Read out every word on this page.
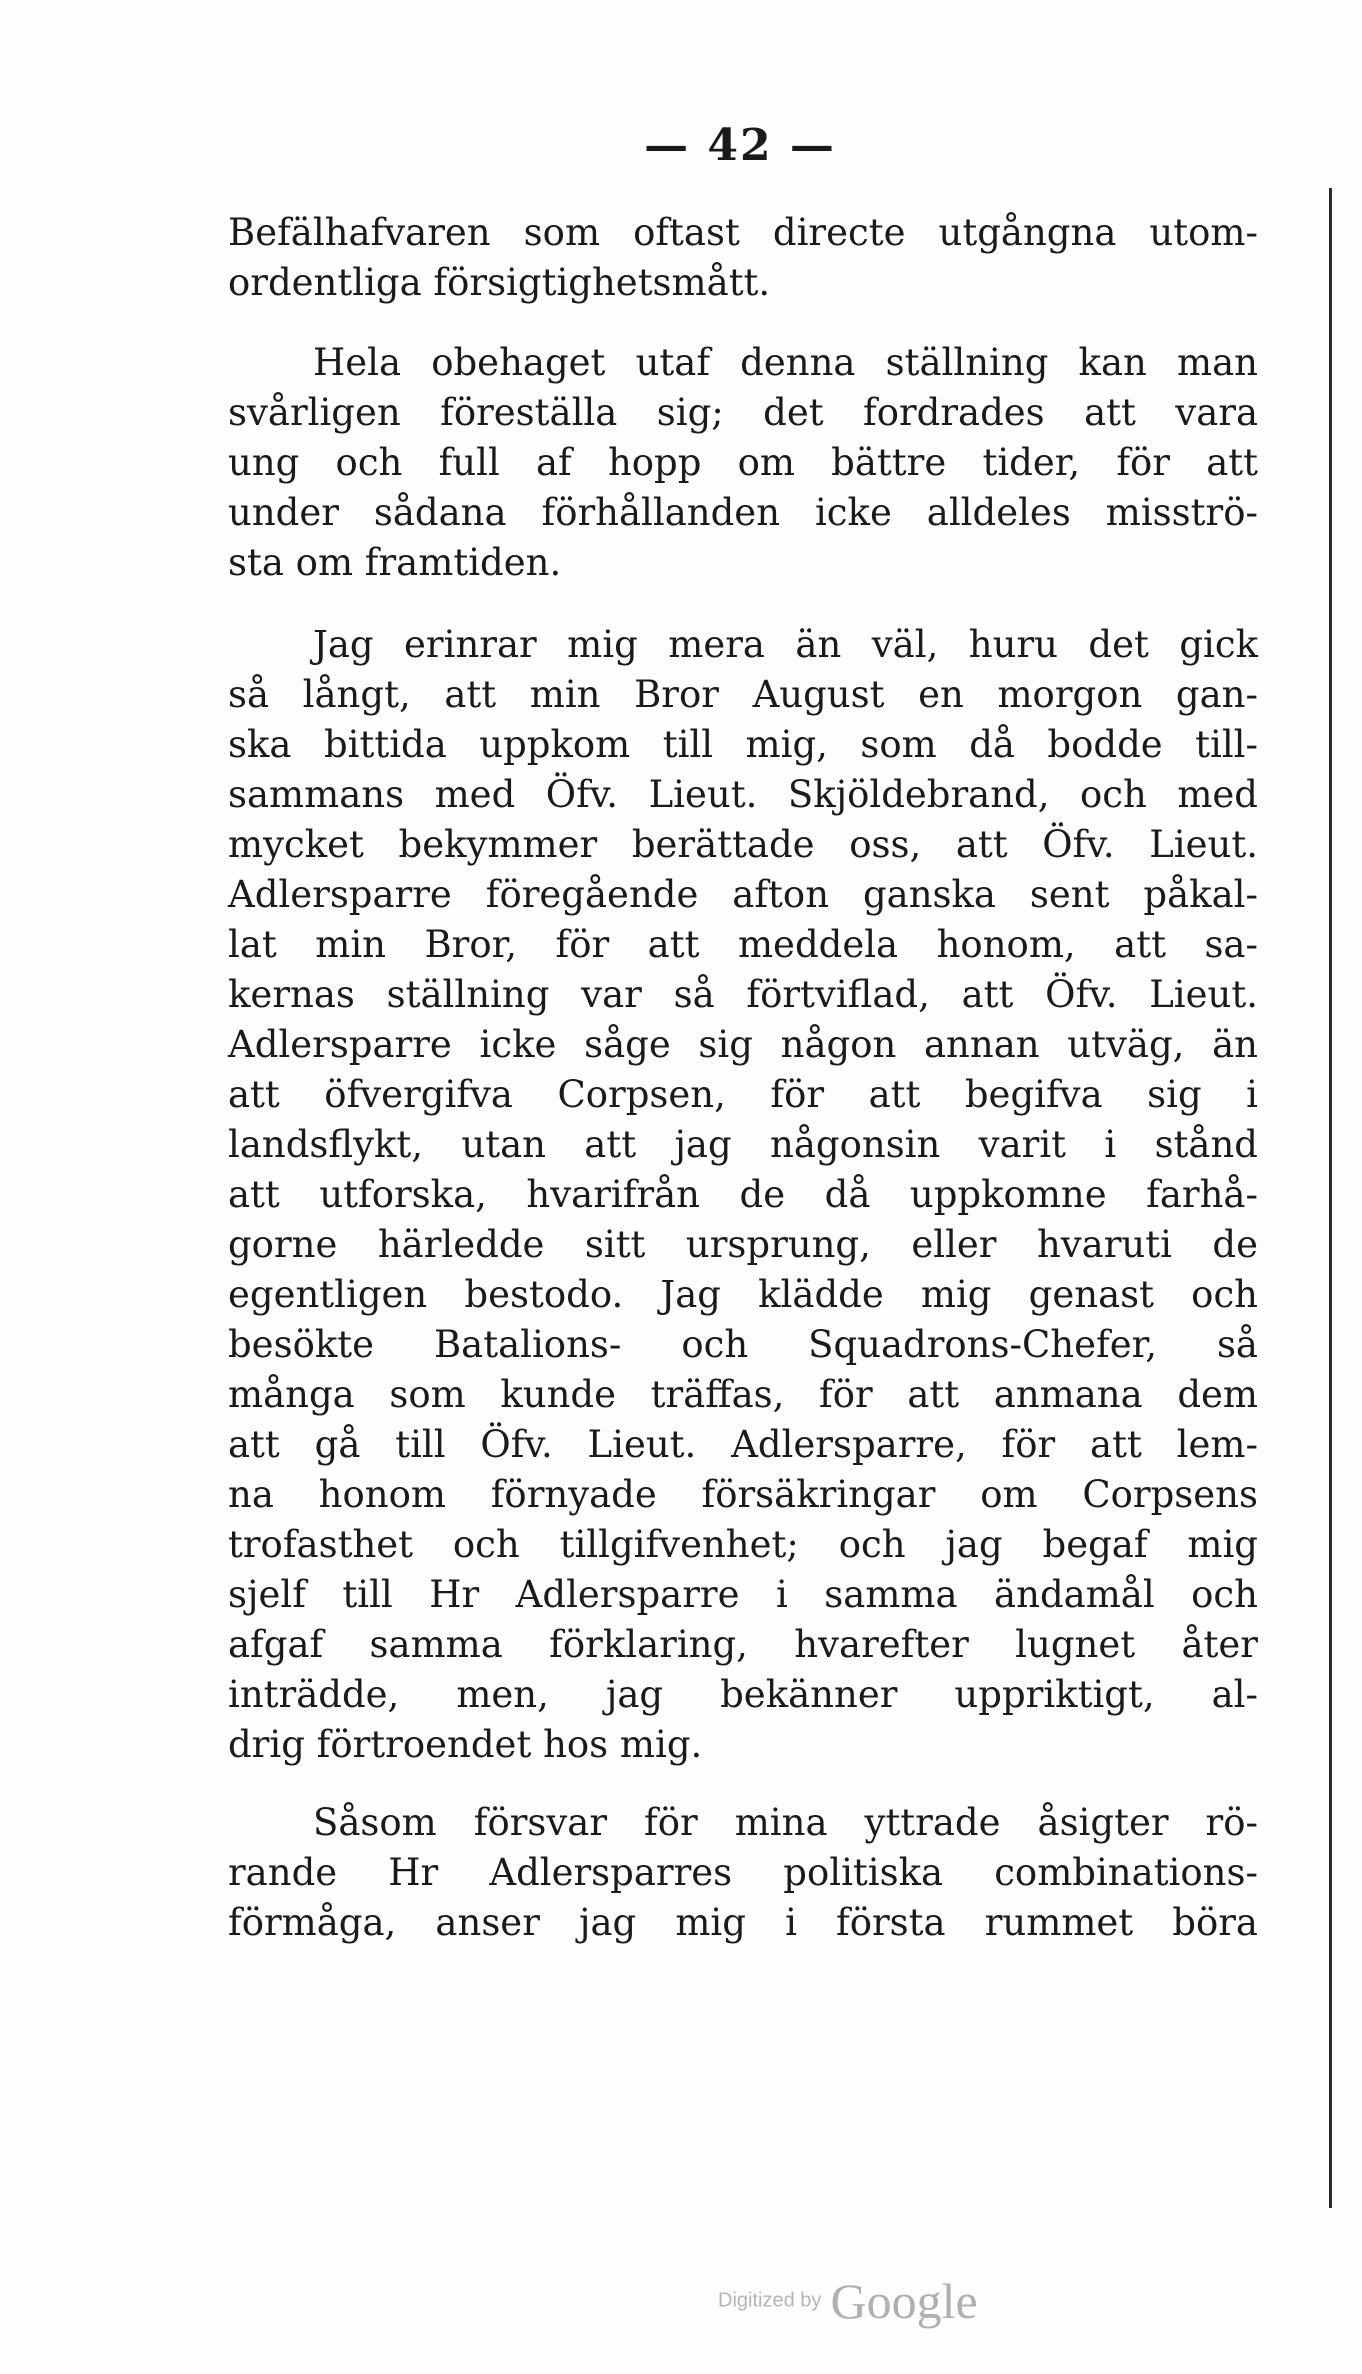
— 42 —
Befälhafvaren som oftast directe utgångna utom-
ordentliga försigtighetsmått.
Hela obehaget utaf denna ställning kan man
svårligen föreställa sig; det fordrades att vara
ung och full af hopp om bättre tider, för att
under sådana förhållanden icke alldeles misströ-
sta om framtiden.
Jag erinrar mig mera än väl, huru det gick
så långt, att min Bror August en morgon gan-
ska bittida uppkom till mig, som då bodde till-
sammans med Öfv. Lieut. Skjöldebrand, och med
mycket bekymmer berättade oss, att Öfv. Lieut.
Adlersparre föregående afton ganska sent påkal-
lat min Bror, för att meddela honom, att sa-
kernas ställning var så förtviflad, att Öfv. Lieut.
Adlersparre icke såge sig någon annan utväg, än
att öfvergifva Corpsen, för att begifva sig i
landsflykt, utan att jag någonsin varit i stånd
att utforska, hvarifrån de då uppkomne farhå-
gorne härledde sitt ursprung, eller hvaruti de
egentligen bestodo. Jag klädde mig genast och
besökte Batalions- och Squadrons-Chefer, så
många som kunde träffas, för att anmana dem
att gå till Öfv. Lieut. Adlersparre, för att lem-
na honom förnyade försäkringar om Corpsens
trofasthet och tillgifvenhet; och jag begaf mig
sjelf till Hr Adlersparre i samma ändamål och
afgaf samma förklaring, hvarefter lugnet åter
inträdde, men, jag bekänner uppriktigt, al-
drig förtroendet hos mig.
Såsom försvar för mina yttrade åsigter rö-
rande Hr Adlersparres politiska combinations-
förmåga, anser jag mig i första rummet böra
Digitized by Google
